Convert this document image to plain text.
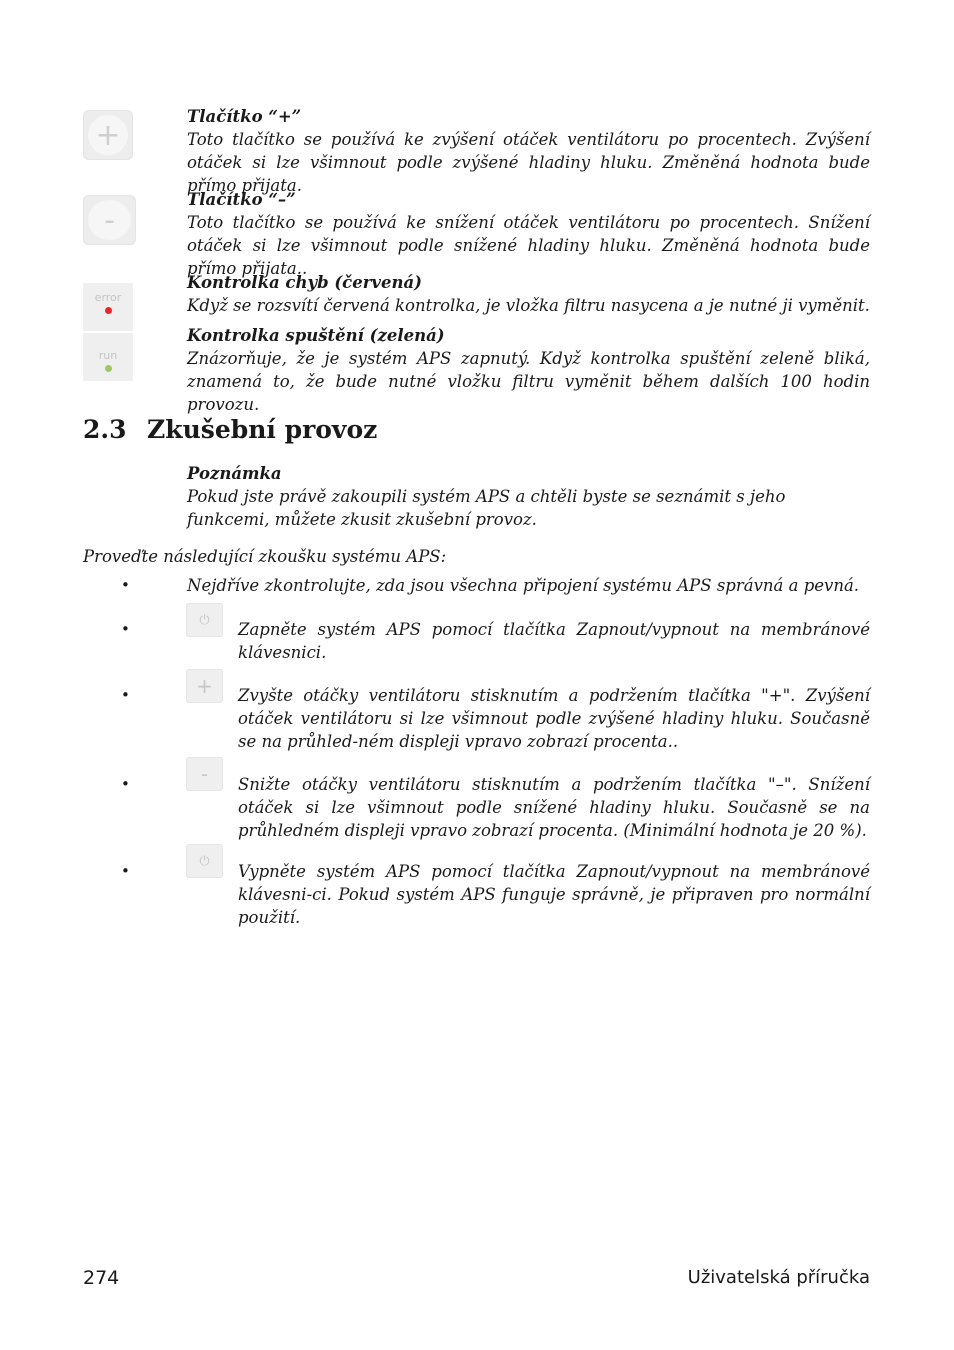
+
Tlačítko “+”
Toto tlačítko se používá ke zvýšení otáček ventilátoru po procentech. Zvýšení otáček si lze všimnout podle zvýšené hladiny hluku. Změněná hodnota bude přímo přijata.
-
Tlačítko “–”
Toto tlačítko se používá ke snížení otáček ventilátoru po procentech. Snížení otáček si lze všimnout podle snížené hladiny hluku. Změněná hodnota bude přímo přijata..
error
run
Kontrolka chyb (červená)
Když se rozsvítí červená kontrolka, je vložka filtru nasycena a je nutné ji vyměnit.
Kontrolka spuštění (zelená)
Znázorňuje, že je systém APS zapnutý. Když kontrolka spuštění zeleně bliká, znamená to, že bude nutné vložku filtru vyměnit během dalších 100 hodin provozu.
2.3 Zkušební provoz
Poznámka
Pokud jste právě zakoupili systém APS a chtěli byste se seznámit s jeho funkcemi, můžete zkusit zkušební provoz.
Proveďte následující zkoušku systému APS:
•	Nejdříve zkontrolujte, zda jsou všechna připojení systému APS správná a pevná.
•	⏻ Zapněte systém APS pomocí tlačítka Zapnout/vypnout na membránové klávesnici.
•	+ Zvyšte otáčky ventilátoru stisknutím a podržením tlačítka "+". Zvýšení otáček ventilátoru si lze všimnout podle zvýšené hladiny hluku. Současně se na průhled-ném displeji vpravo zobrazí procenta..
•	- Snižte otáčky ventilátoru stisknutím a podržením tlačítka "–". Snížení otáček si lze všimnout podle snížené hladiny hluku. Současně se na průhledném displeji vpravo zobrazí procenta. (Minimální hodnota je 20 %).
•
⏻
Vypněte systém APS pomocí tlačítka Zapnout/vypnout na membránové klávesni-ci. Pokud systém APS funguje správně, je připraven pro normální použití.
274	Uživatelská příručka
